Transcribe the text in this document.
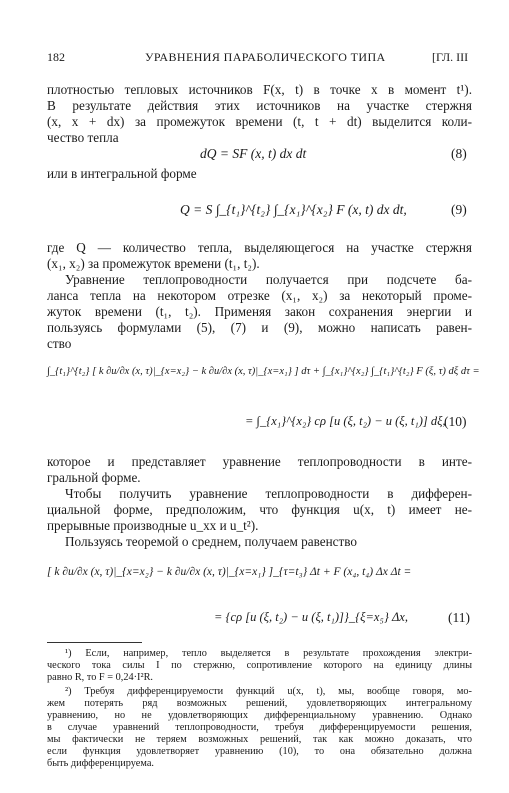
182	УРАВНЕНИЯ ПАРАБОЛИЧЕСКОГО ТИПА	[ГЛ. III
плотностью тепловых источников F(x, t) в точке x в момент t¹).
В результате действия этих источников на участке стержня
(x, x + dx) за промежуток времени (t, t + dt) выделится коли-
чество тепла
dQ = SF (x, t) dx dt	(8)
или в интегральной форме
Q = S ∫_{t₁}^{t₂} ∫_{x₁}^{x₂} F (x, t) dx dt,	(9)
где Q — количество тепла, выделяющегося на участке стержня
(x₁, x₂) за промежуток времени (t₁, t₂).
Уравнение теплопроводности получается при подсчете ба-
ланса тепла на некотором отрезке (x₁, x₂) за некоторый проме-
жуток времени (t₁, t₂). Применяя закон сохранения энергии и
пользуясь формулами (5), (7) и (9), можно написать равен-
ство
∫_{t₁}^{t₂} [ k ∂u/∂x (x, τ)|_{x=x₂} − k ∂u/∂x (x, τ)|_{x=x₁} ] dτ + ∫_{x₁}^{x₂} ∫_{t₁}^{t₂} F (ξ, τ) dξ dτ =
= ∫_{x₁}^{x₂} cρ [u (ξ, t₂) − u (ξ, t₁)] dξ,
(10)
которое и представляет уравнение теплопроводности в инте-
гральной форме.
Чтобы получить уравнение теплопроводности в дифферен-
циальной форме, предположим, что функция u(x, t) имеет не-
прерывные производные u_xx и u_t²).
Пользуясь теоремой о среднем, получаем равенство
[ k ∂u/∂x (x, τ)|_{x=x₂} − k ∂u/∂x (x, τ)|_{x=x₁} ]_{τ=t₃} Δt + F (x₄, t₄) Δx Δt =
= {cρ [u (ξ, t₂) − u (ξ, t₁)]}_{ξ=x₅} Δx,	(11)
¹) Если, например, тепло выделяется в результате прохождения электри-
ческого тока силы I по стержню, сопротивление которого на единицу длины
равно R, то F = 0,24·I²R.
²) Требуя дифференцируемости функций u(x, t), мы, вообще говоря, мо-
жем потерять ряд возможных решений, удовлетворяющих интегральному
уравнению, но не удовлетворяющих дифференциальному уравнению. Однако
в случае уравнений теплопроводности, требуя дифференцируемости решения,
мы фактически не теряем возможных решений, так как можно доказать, что
если функция удовлетворяет уравнению (10), то она обязательно должна
быть дифференцируема.
